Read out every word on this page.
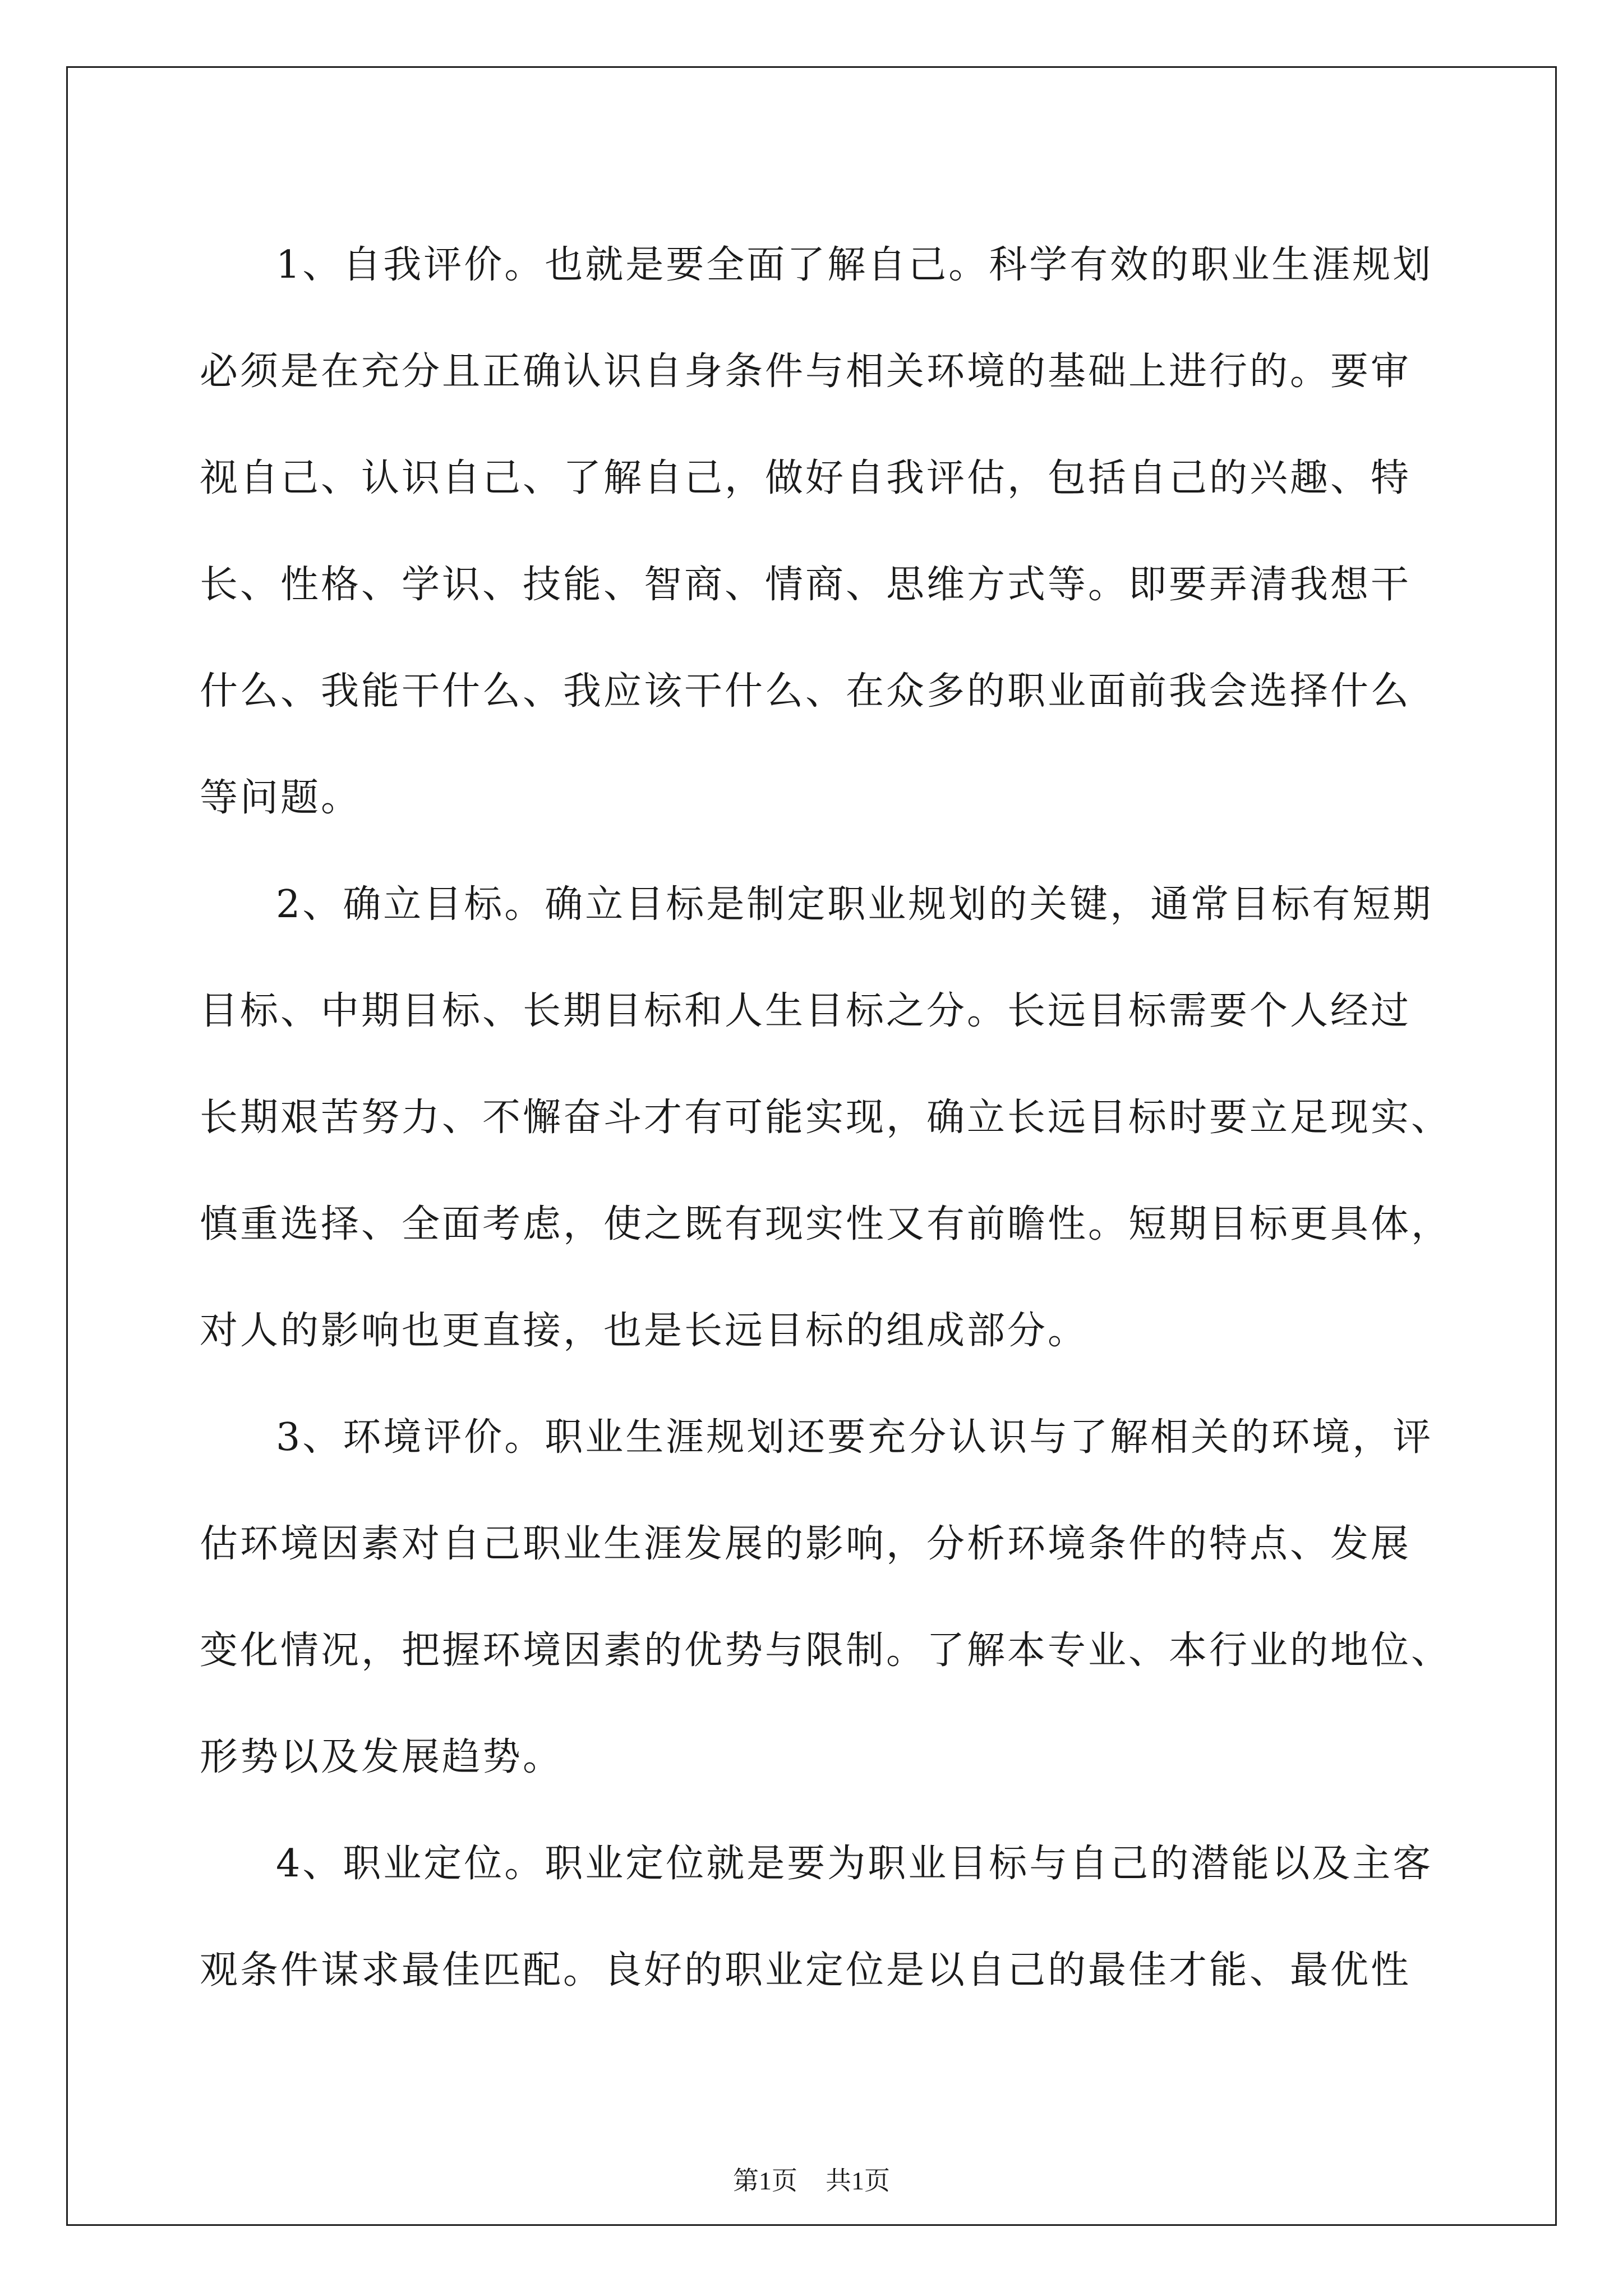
1、自我评价。也就是要全面了解自己。科学有效的职业生涯规划
必须是在充分且正确认识自身条件与相关环境的基础上进行的。要审
视自己、认识自己、了解自己，做好自我评估，包括自己的兴趣、特
长、性格、学识、技能、智商、情商、思维方式等。即要弄清我想干
什么、我能干什么、我应该干什么、在众多的职业面前我会选择什么
等问题。
2、确立目标。确立目标是制定职业规划的关键，通常目标有短期
目标、中期目标、长期目标和人生目标之分。长远目标需要个人经过
长期艰苦努力、不懈奋斗才有可能实现，确立长远目标时要立足现实、
慎重选择、全面考虑，使之既有现实性又有前瞻性。短期目标更具体，
对人的影响也更直接，也是长远目标的组成部分。
3、环境评价。职业生涯规划还要充分认识与了解相关的环境，评
估环境因素对自己职业生涯发展的影响，分析环境条件的特点、发展
变化情况，把握环境因素的优势与限制。了解本专业、本行业的地位、
形势以及发展趋势。
4、职业定位。职业定位就是要为职业目标与自己的潜能以及主客
观条件谋求最佳匹配。良好的职业定位是以自己的最佳才能、最优性
第1页 共1页
